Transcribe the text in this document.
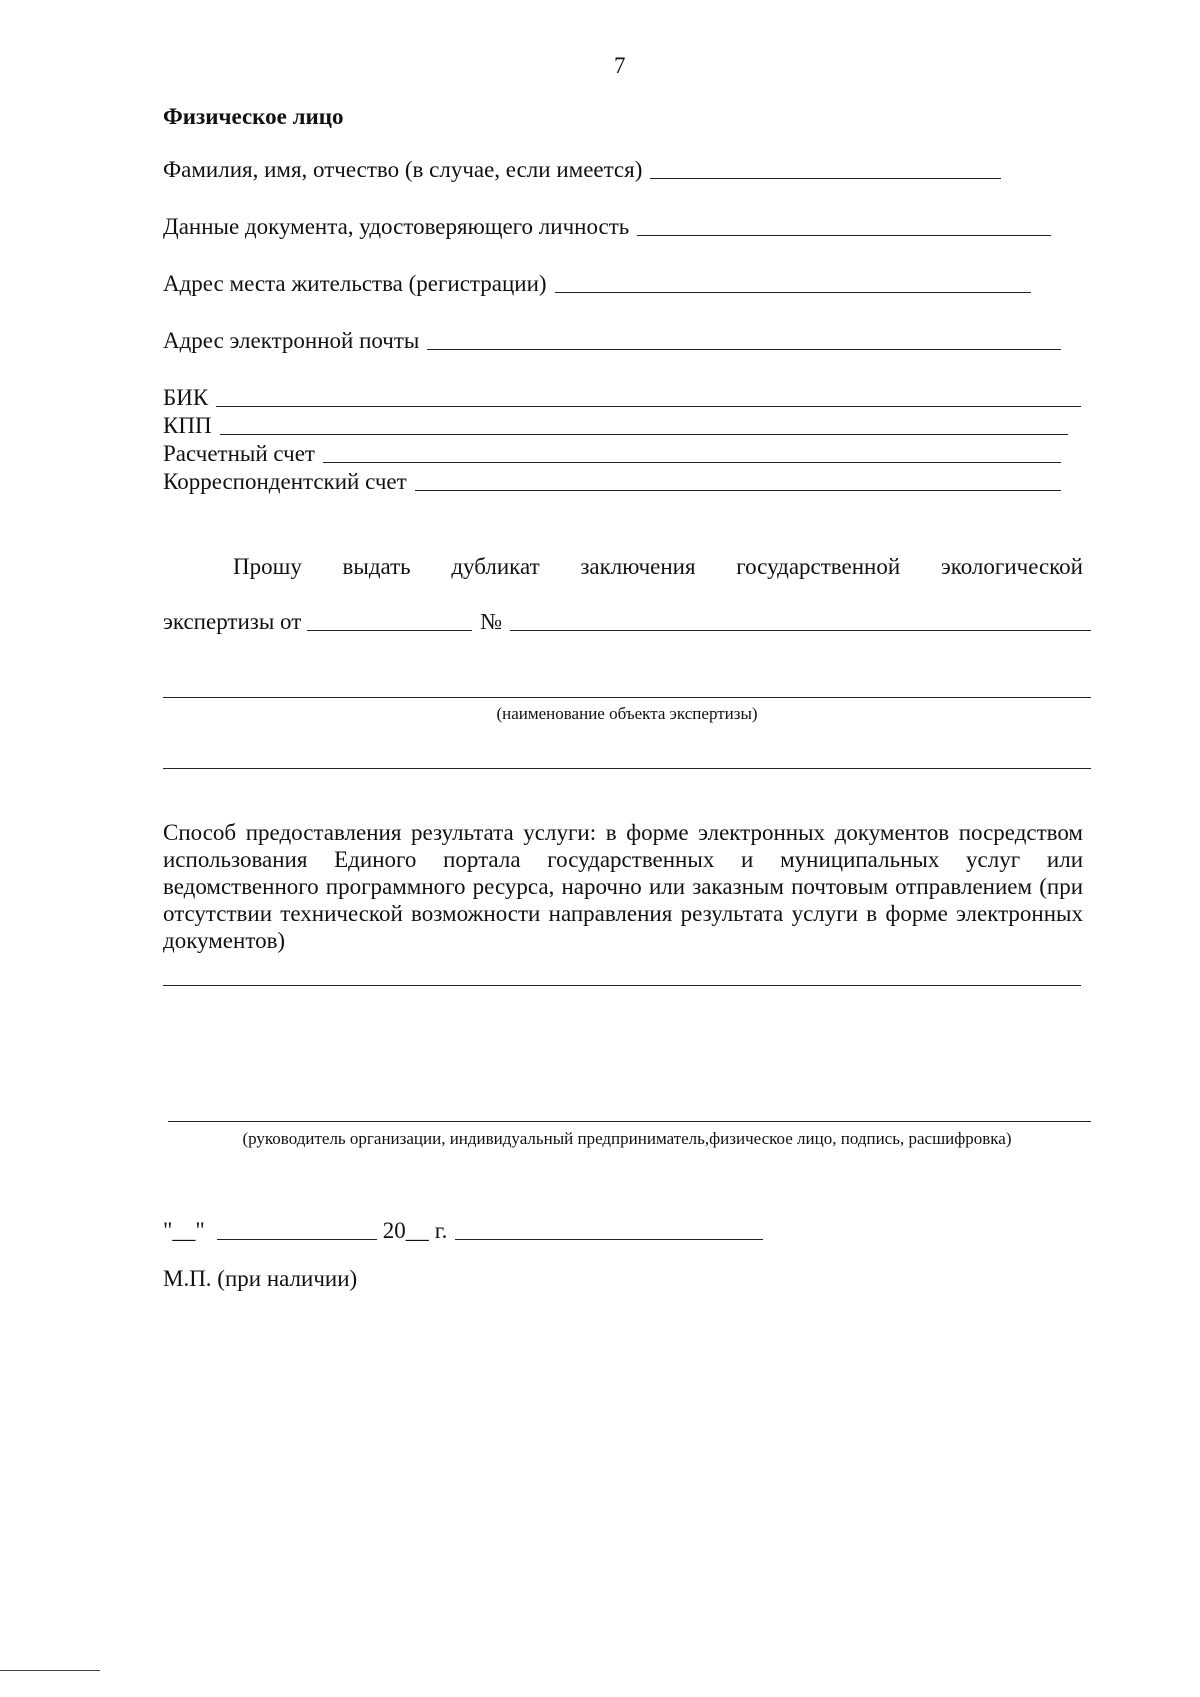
7
Физическое лицо
Фамилия, имя, отчество (в случае, если имеется)
Данные документа, удостоверяющего личность
Адрес места жительства (регистрации)
Адрес электронной почты
БИК
КПП
Расчетный счет
Корреспондентский счет
Прошу выдать дубликат заключения государственной экологической
экспертизы от	№
(наименование объекта экспертизы)
Способ предоставления результата услуги: в форме электронных документов посредством использования Единого портала государственных и муниципальных услуг или ведомственного программного ресурса, нарочно или заказным почтовым отправлением (при отсутствии технической возможности направления результата услуги в форме электронных документов)
(руководитель организации, индивидуальный предприниматель,физическое лицо, подпись, расшифровка)
"__"	20__ г.
М.П. (при наличии)
